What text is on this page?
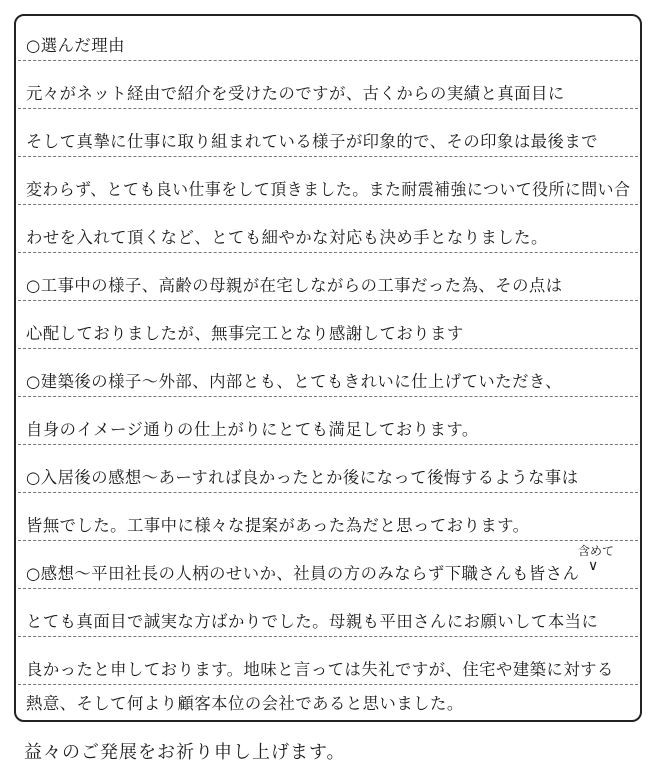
○選んだ理由
元々がネット経由で紹介を受けたのですが、古くからの実績と真面目に
そして真摯に仕事に取り組まれている様子が印象的で、その印象は最後まで
変わらず、とても良い仕事をして頂きました。また耐震補強について役所に問い合
わせを入れて頂くなど、とても細やかな対応も決め手となりました。
○工事中の様子、高齢の母親が在宅しながらの工事だった為、その点は
心配しておりましたが、無事完工となり感謝しております
○建築後の様子～外部、内部とも、とてもきれいに仕上げていただき、
自身のイメージ通りの仕上がりにとても満足しております。
○入居後の感想～あーすれば良かったとか後になって後悔するような事は
皆無でした。工事中に様々な提案があった為だと思っております。
○感想～平田社長の人柄のせいか、社員の方のみならず下職さんも皆さん
とても真面目で誠実な方ばかりでした。母親も平田さんにお願いして本当に
良かったと申しております。地味と言っては失礼ですが、住宅や建築に対する
熱意、そして何より顧客本位の会社であると思いました。
含めて
∨
益々のご発展をお祈り申し上げます。
